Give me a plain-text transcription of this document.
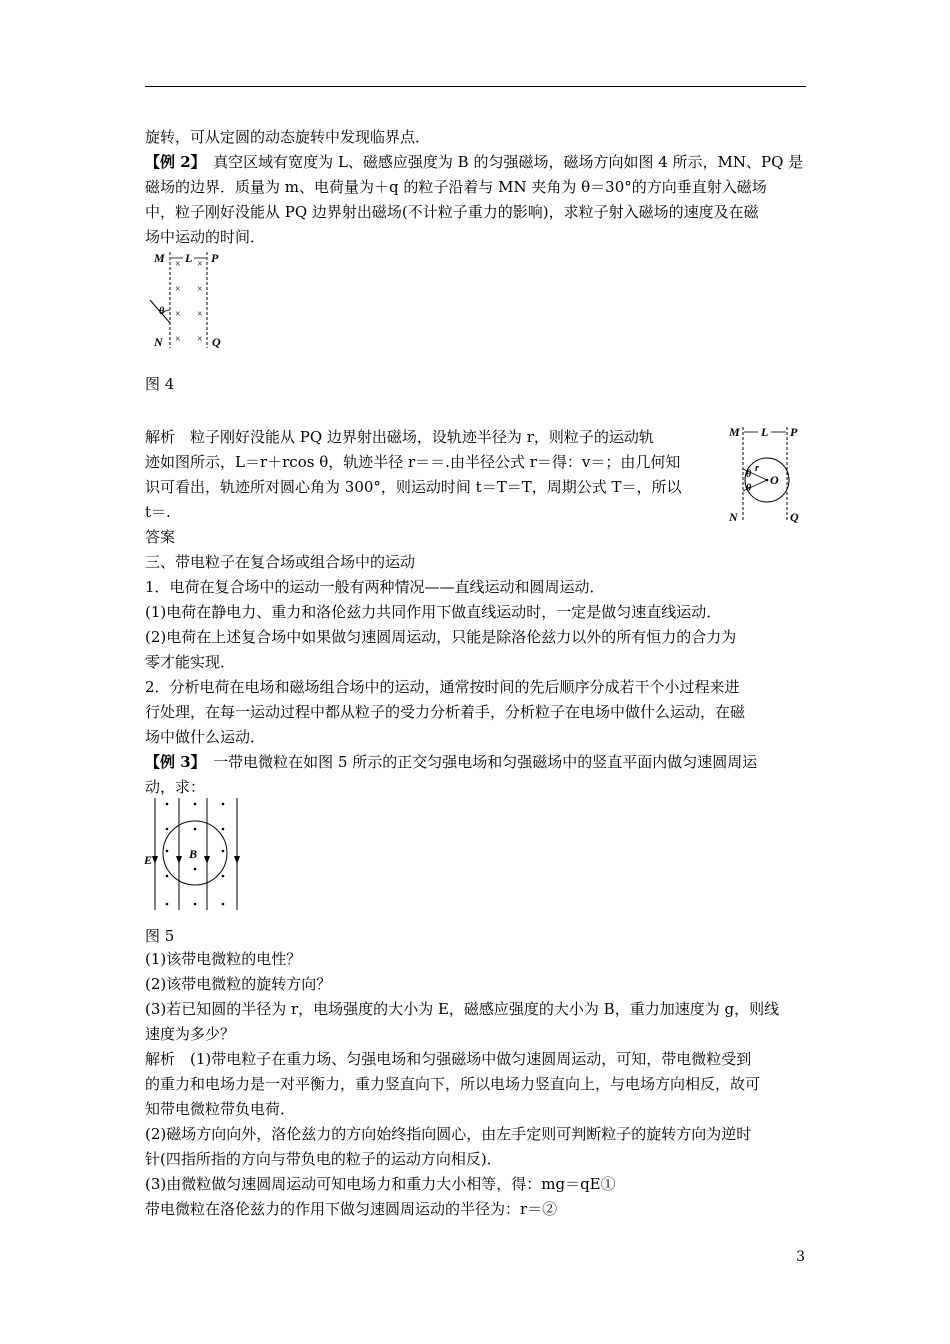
旋转，可从定圆的动态旋转中发现临界点．
【例 2】　真空区域有宽度为 L、磁感应强度为 B 的匀强磁场，磁场方向如图 4 所示，MN、PQ 是
磁场的边界．质量为 m、电荷量为＋q 的粒子沿着与 MN 夹角为 θ＝30°的方向垂直射入磁场
中，粒子刚好没能从 PQ 边界射出磁场(不计粒子重力的影响)，求粒子射入磁场的速度及在磁
场中运动的时间．
M L P
× ×
× ×
× ×
× ×
θ
N	Q
图 4
解析　粒子刚好没能从 PQ 边界射出磁场，设轨迹半径为 r，则粒子的运动轨
迹如图所示，L＝r＋rcos θ，轨迹半径 r＝＝.由半径公式 r＝得：v＝；由几何知
识可看出，轨迹所对圆心角为 300°，则运动时间 t＝T＝T，周期公式 T＝，所以
t＝.
M L P
θ
θ
r
O
N	Q
答案
三、带电粒子在复合场或组合场中的运动
1．电荷在复合场中的运动一般有两种情况——直线运动和圆周运动．
(1)电荷在静电力、重力和洛伦兹力共同作用下做直线运动时，一定是做匀速直线运动．
(2)电荷在上述复合场中如果做匀速圆周运动，只能是除洛伦兹力以外的所有恒力的合力为
零才能实现．
2．分析电荷在电场和磁场组合场中的运动，通常按时间的先后顺序分成若干个小过程来进
行处理，在每一运动过程中都从粒子的受力分析着手，分析粒子在电场中做什么运动，在磁
场中做什么运动．
【例 3】　一带电微粒在如图 5 所示的正交匀强电场和匀强磁场中的竖直平面内做匀速圆周运
动，求：
E	B
图 5
(1)该带电微粒的电性？
(2)该带电微粒的旋转方向？
(3)若已知圆的半径为 r，电场强度的大小为 E，磁感应强度的大小为 B，重力加速度为 g，则线
速度为多少？
解析　(1)带电粒子在重力场、匀强电场和匀强磁场中做匀速圆周运动，可知，带电微粒受到
的重力和电场力是一对平衡力，重力竖直向下，所以电场力竖直向上，与电场方向相反，故可
知带电微粒带负电荷．
(2)磁场方向向外，洛伦兹力的方向始终指向圆心，由左手定则可判断粒子的旋转方向为逆时
针(四指所指的方向与带负电的粒子的运动方向相反)．
(3)由微粒做匀速圆周运动可知电场力和重力大小相等，得：mg＝qE①
带电微粒在洛伦兹力的作用下做匀速圆周运动的半径为：r＝②
3
